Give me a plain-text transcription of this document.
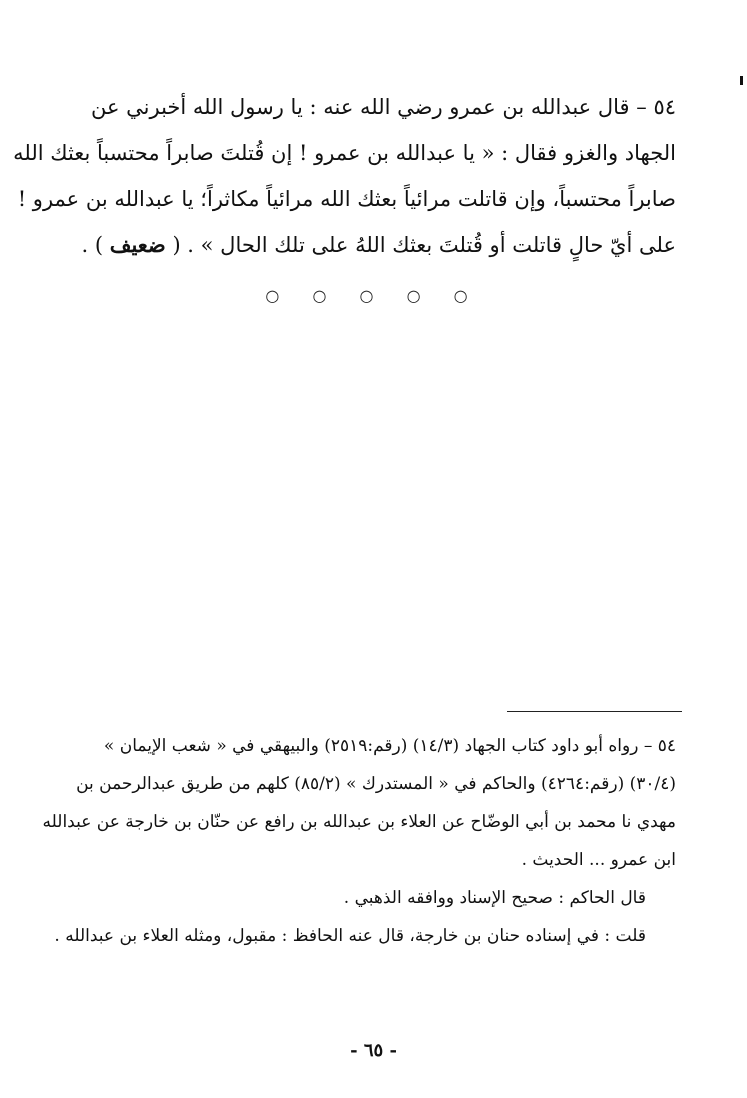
٥٤ – قال عبدالله بن عمرو رضي الله عنه : يا رسول الله أخبرني عن
الجهاد والغزو فقال : « يا عبدالله بن عمرو ! إن قُتلتَ صابراً محتسباً بعثك الله
صابراً محتسباً، وإن قاتلت مرائياً بعثك الله مرائياً مكاثراً؛ يا عبدالله بن عمرو !
على أيّ حالٍ قاتلت أو قُتلتَ بعثك اللهُ على تلك الحال » . ( ضعيف ) .
○ ○ ○ ○ ○
٥٤ – رواه أبو داود كتاب الجهاد (١٤/٣) (رقم:٢٥١٩) والبيهقي في « شعب الإيمان »
(٣٠/٤) (رقم:٤٢٦٤) والحاكم في « المستدرك » (٨٥/٢) كلهم من طريق عبدالرحمن بن
مهدي نا محمد بن أبي الوضّاح عن العلاء بن عبدالله بن رافع عن حنّان بن خارجة عن عبدالله
ابن عمرو ... الحديث .
قال الحاكم : صحيح الإسناد ووافقه الذهبي .
قلت : في إسناده حنان بن خارجة، قال عنه الحافظ : مقبول، ومثله العلاء بن عبدالله .
- ٦٥ -
